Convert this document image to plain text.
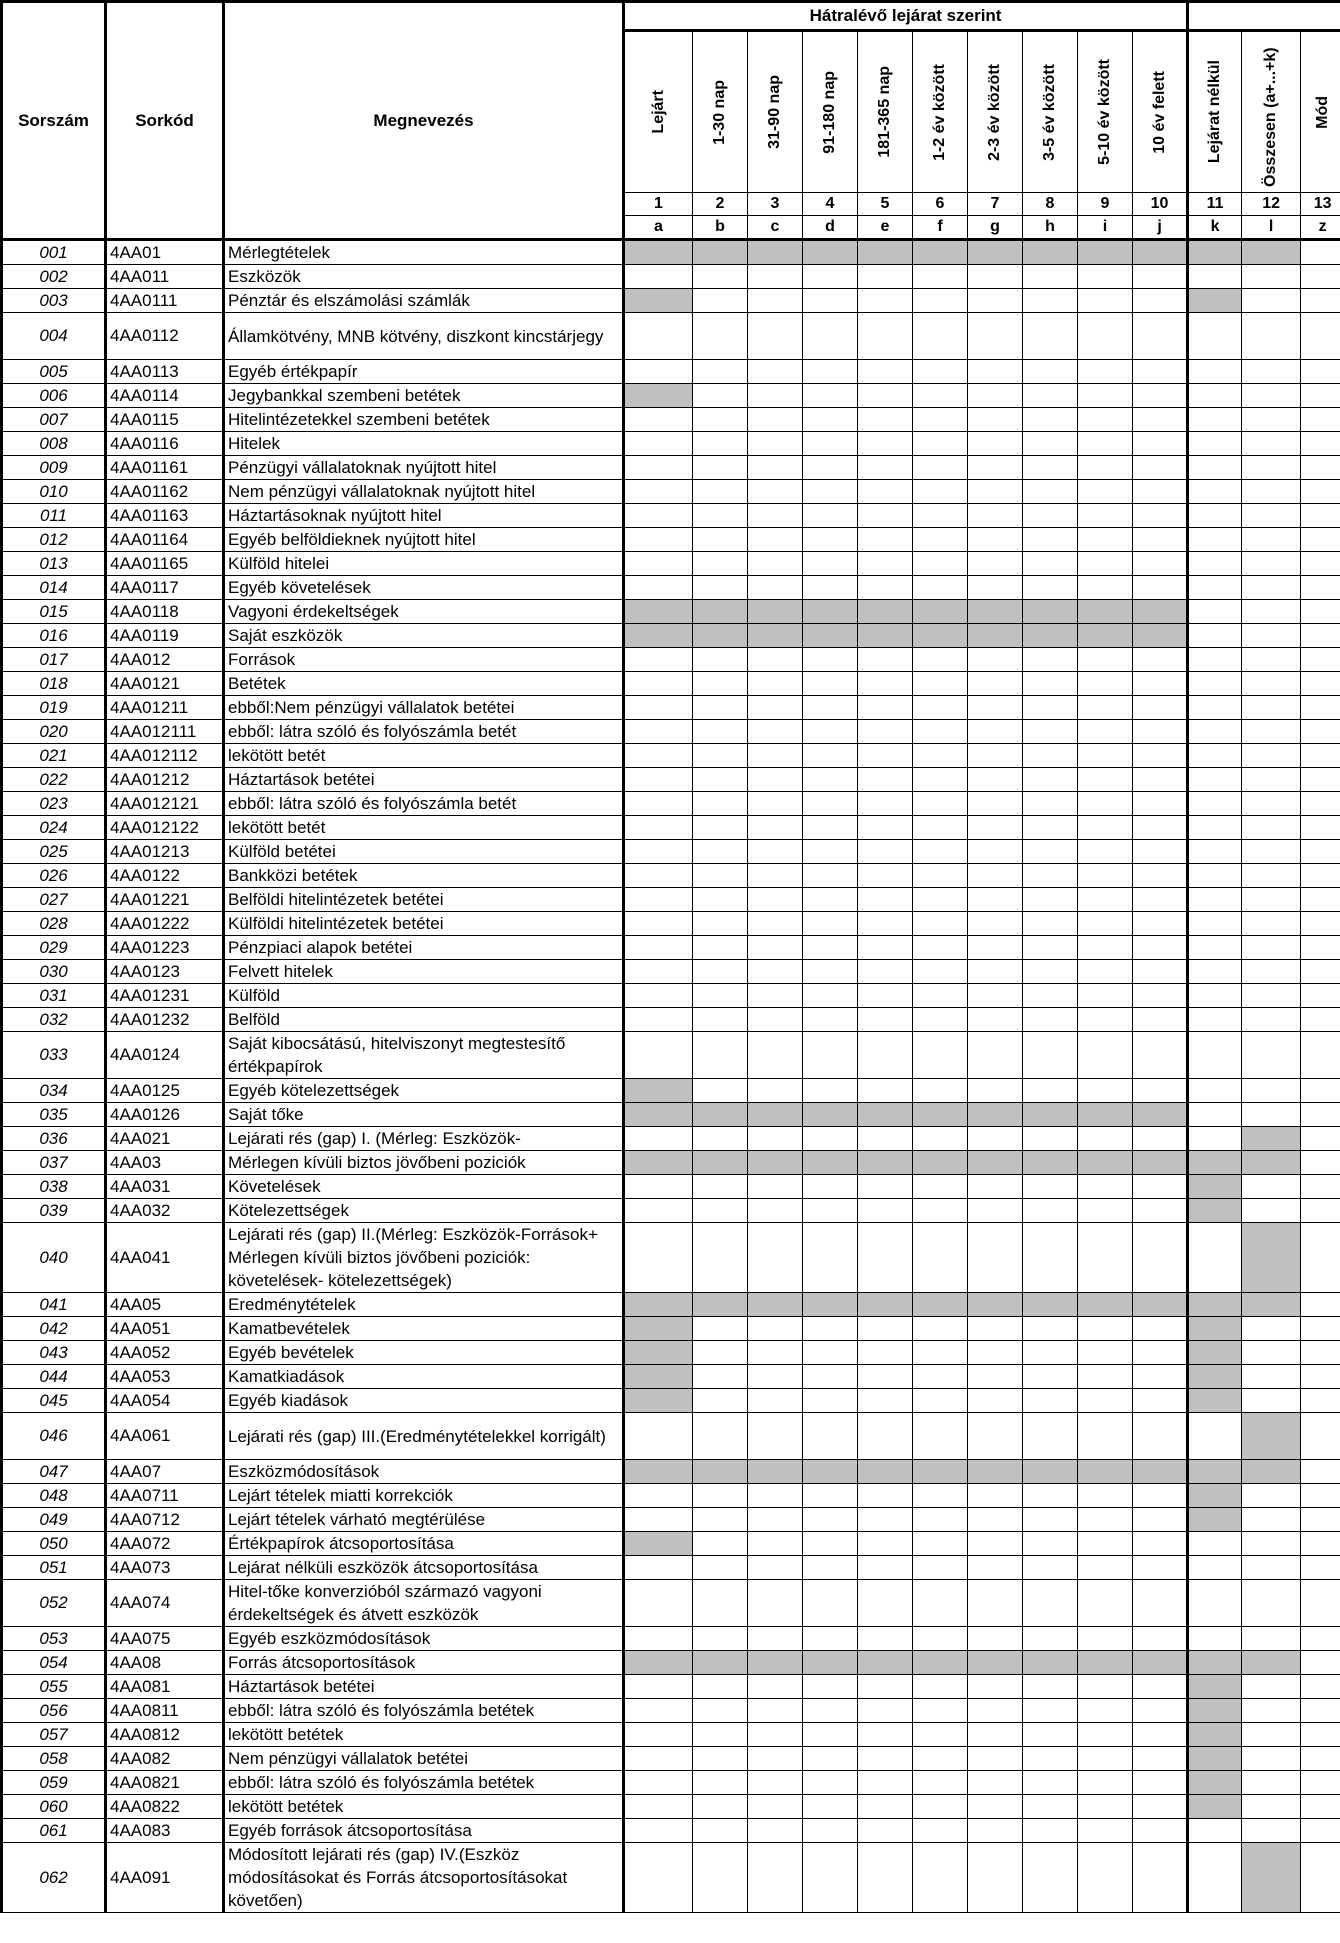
Sorszám	Sorkód	Megnevezés	Hátralévő lejárat szerint												

			Lejárt	1-30 nap	31-90 nap	91-180 nap	181-365 nap	1-2 év között	2-3 év között	3-5 év között	5-10 év között	10 év felett	Lejárat nélkül	Összesen (a+...+k)	Mód

			1	2	3	4	5	6	7	8	9	10	11	12	13
			a	b	c	d	e	f	g	h	i	j	k	l	z
001	4AA01	Mérlegtételek													
002	4AA011	Eszközök													
003	4AA0111	Pénztár és elszámolási számlák													
004	4AA0112	Államkötvény, MNB kötvény, diszkont kincstárjegy													
005	4AA0113	Egyéb értékpapír													
006	4AA0114	Jegybankkal szembeni betétek													
007	4AA0115	Hitelintézetekkel szembeni betétek													
008	4AA0116	Hitelek													
009	4AA01161	Pénzügyi vállalatoknak nyújtott hitel													
010	4AA01162	Nem pénzügyi vállalatoknak nyújtott hitel													
011	4AA01163	Háztartásoknak nyújtott hitel													
012	4AA01164	Egyéb belföldieknek nyújtott hitel													
013	4AA01165	Külföld hitelei													
014	4AA0117	Egyéb követelések													
015	4AA0118	Vagyoni érdekeltségek													
016	4AA0119	Saját eszközök													
017	4AA012	Források													
018	4AA0121	Betétek													
019	4AA01211	ebből:Nem pénzügyi vállalatok betétei													
020	4AA012111	ebből: látra szóló és folyószámla betét													
021	4AA012112	lekötött betét													
022	4AA01212	Háztartások betétei													
023	4AA012121	ebből: látra szóló és folyószámla betét													
024	4AA012122	lekötött betét													
025	4AA01213	Külföld betétei													
026	4AA0122	Bankközi betétek													
027	4AA01221	Belföldi hitelintézetek betétei													
028	4AA01222	Külföldi hitelintézetek betétei													
029	4AA01223	Pénzpiaci alapok betétei													
030	4AA0123	Felvett hitelek													
031	4AA01231	Külföld													
032	4AA01232	Belföld													
033	4AA0124	Saját kibocsátású, hitelviszonyt megtestesítő értékpapírok													
034	4AA0125	Egyéb kötelezettségek													
035	4AA0126	Saját tőke													
036	4AA021	Lejárati rés (gap) I. (Mérleg: Eszközök-													
037	4AA03	Mérlegen kívüli biztos jövőbeni poziciók													
038	4AA031	Követelések													
039	4AA032	Kötelezettségek													
040	4AA041	Lejárati rés (gap) II.(Mérleg: Eszközök-Források+ Mérlegen kívüli biztos jövőbeni poziciók: követelések- kötelezettségek)													
041	4AA05	Eredménytételek													
042	4AA051	Kamatbevételek													
043	4AA052	Egyéb bevételek													
044	4AA053	Kamatkiadások													
045	4AA054	Egyéb kiadások													
046	4AA061	Lejárati rés (gap) III.(Eredménytételekkel korrigált)													
047	4AA07	Eszközmódosítások													
048	4AA0711	Lejárt tételek miatti korrekciók													
049	4AA0712	Lejárt tételek várható megtérülése													
050	4AA072	Értékpapírok átcsoportosítása													
051	4AA073	Lejárat nélküli eszközök átcsoportosítása													
052	4AA074	Hitel-tőke konverzióból származó vagyoni érdekeltségek és átvett eszközök													
053	4AA075	Egyéb eszközmódosítások													
054	4AA08	Forrás átcsoportosítások													
055	4AA081	Háztartások betétei													
056	4AA0811	ebből: látra szóló és folyószámla betétek													
057	4AA0812	lekötött betétek													
058	4AA082	Nem pénzügyi vállalatok betétei													
059	4AA0821	ebből: látra szóló és folyószámla betétek													
060	4AA0822	lekötött betétek													
061	4AA083	Egyéb források átcsoportosítása													
062	4AA091	Módosított lejárati rés (gap) IV.(Eszköz módosításokat és Forrás átcsoportosításokat követően)													
